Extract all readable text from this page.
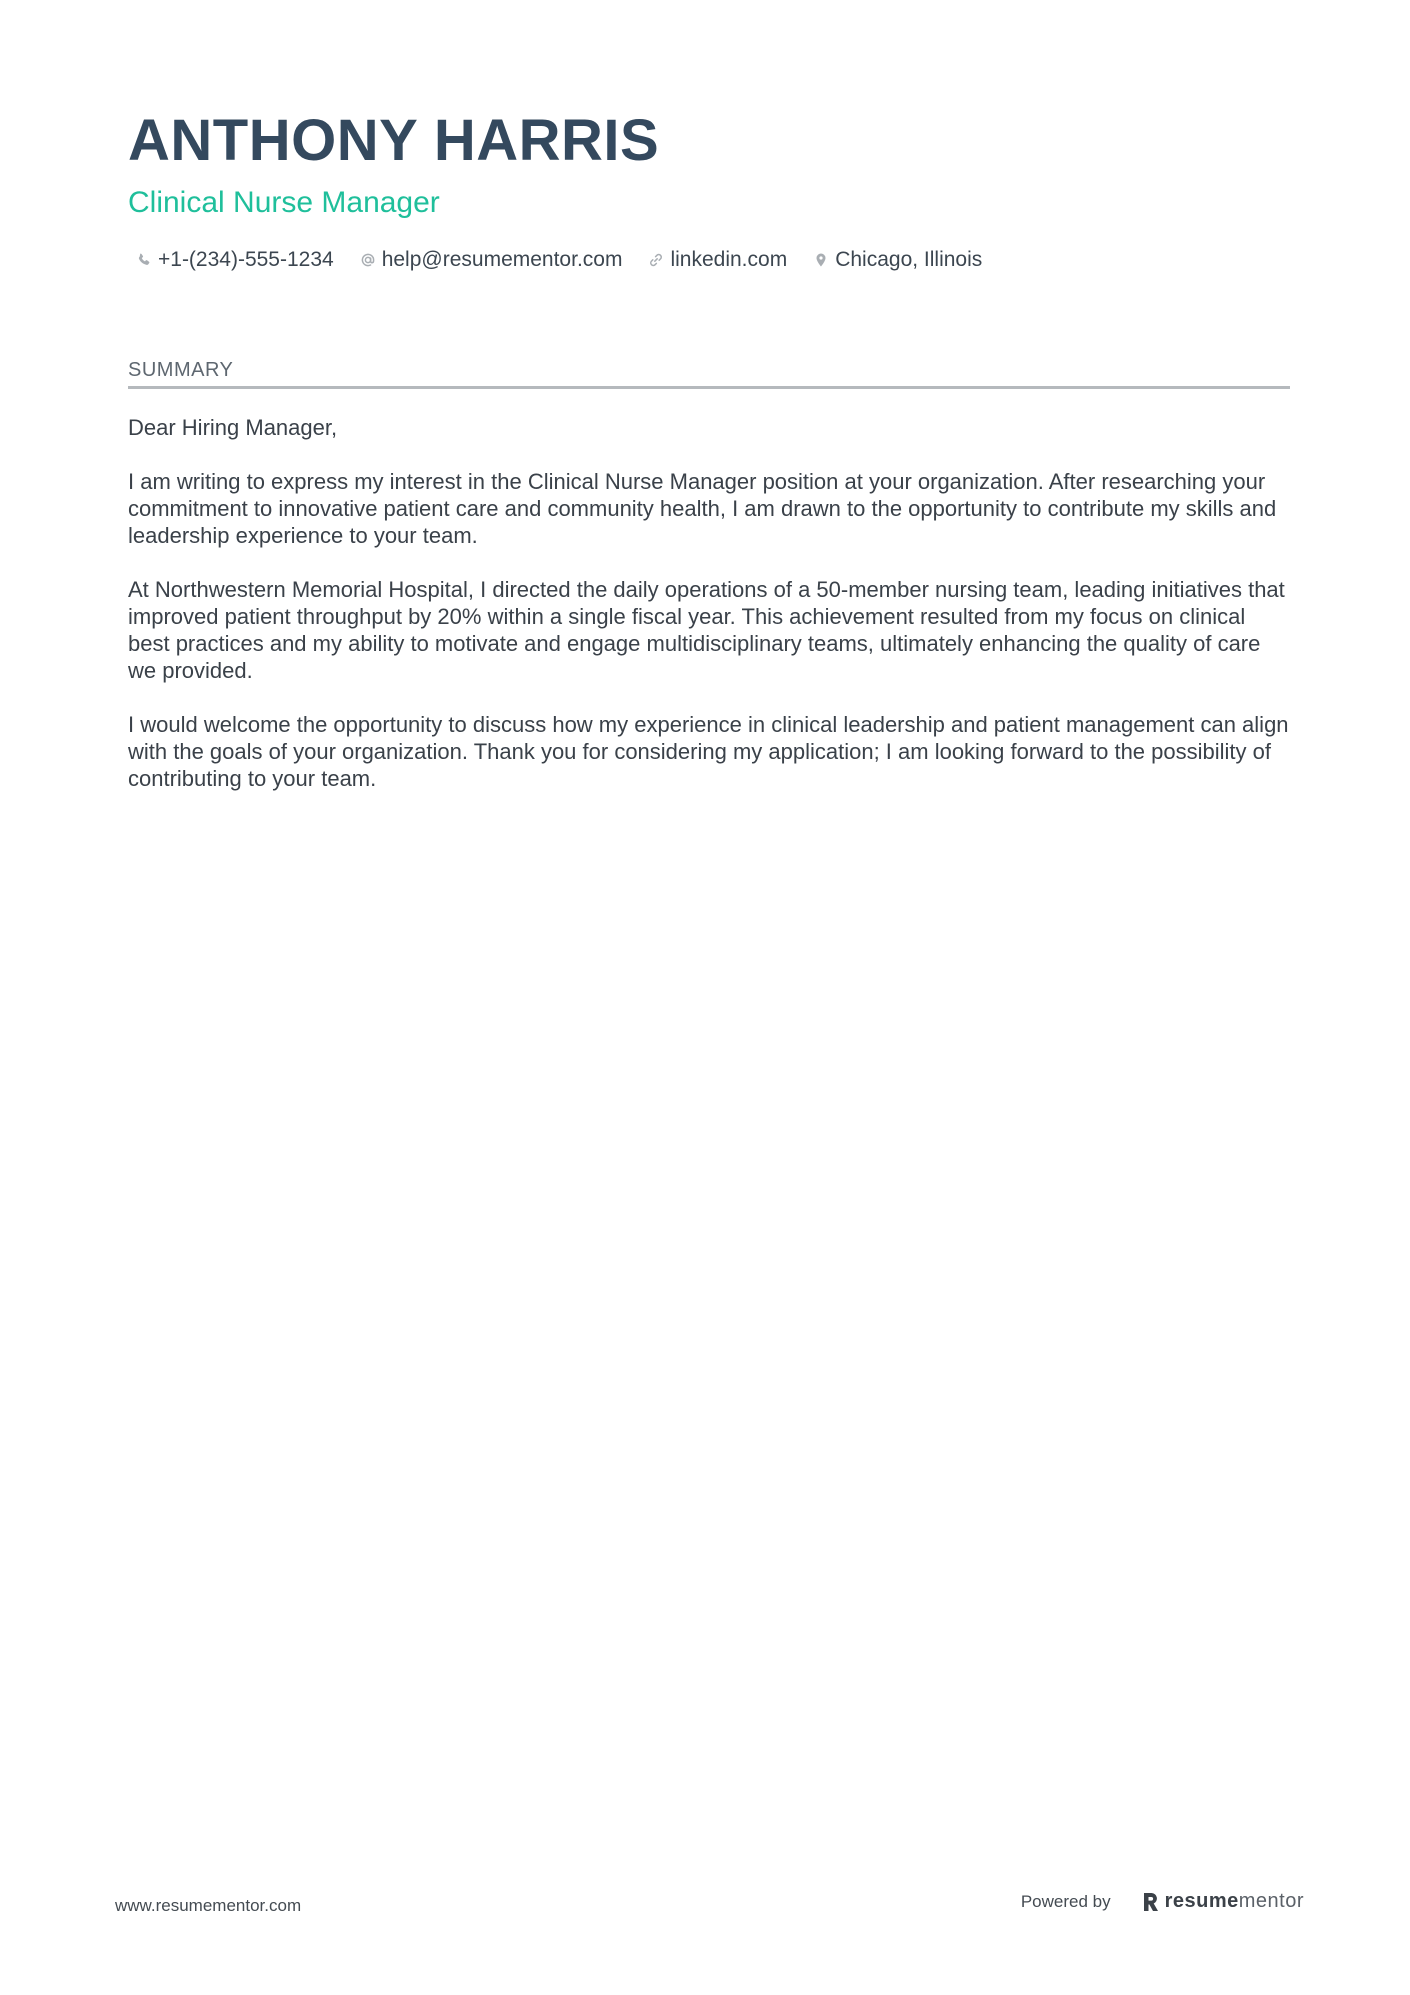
ANTHONY HARRIS
Clinical Nurse Manager
+1-(234)-555-1234 help@resumementor.com linkedin.com Chicago, Illinois
SUMMARY

Dear Hiring Manager,

I am writing to express my interest in the Clinical Nurse Manager position at your organization. After researching your commitment to innovative patient care and community health, I am drawn to the opportunity to contribute my skills and leadership experience to your team.

At Northwestern Memorial Hospital, I directed the daily operations of a 50-member nursing team, leading initiatives that improved patient throughput by 20% within a single fiscal year. This achievement resulted from my focus on clinical best practices and my ability to motivate and engage multidisciplinary teams, ultimately enhancing the quality of care we provided.

I would welcome the opportunity to discuss how my experience in clinical leadership and patient management can align with the goals of your organization. Thank you for considering my application; I am looking forward to the possibility of contributing to your team.

www.resumementor.com	Powered by	resumementor
